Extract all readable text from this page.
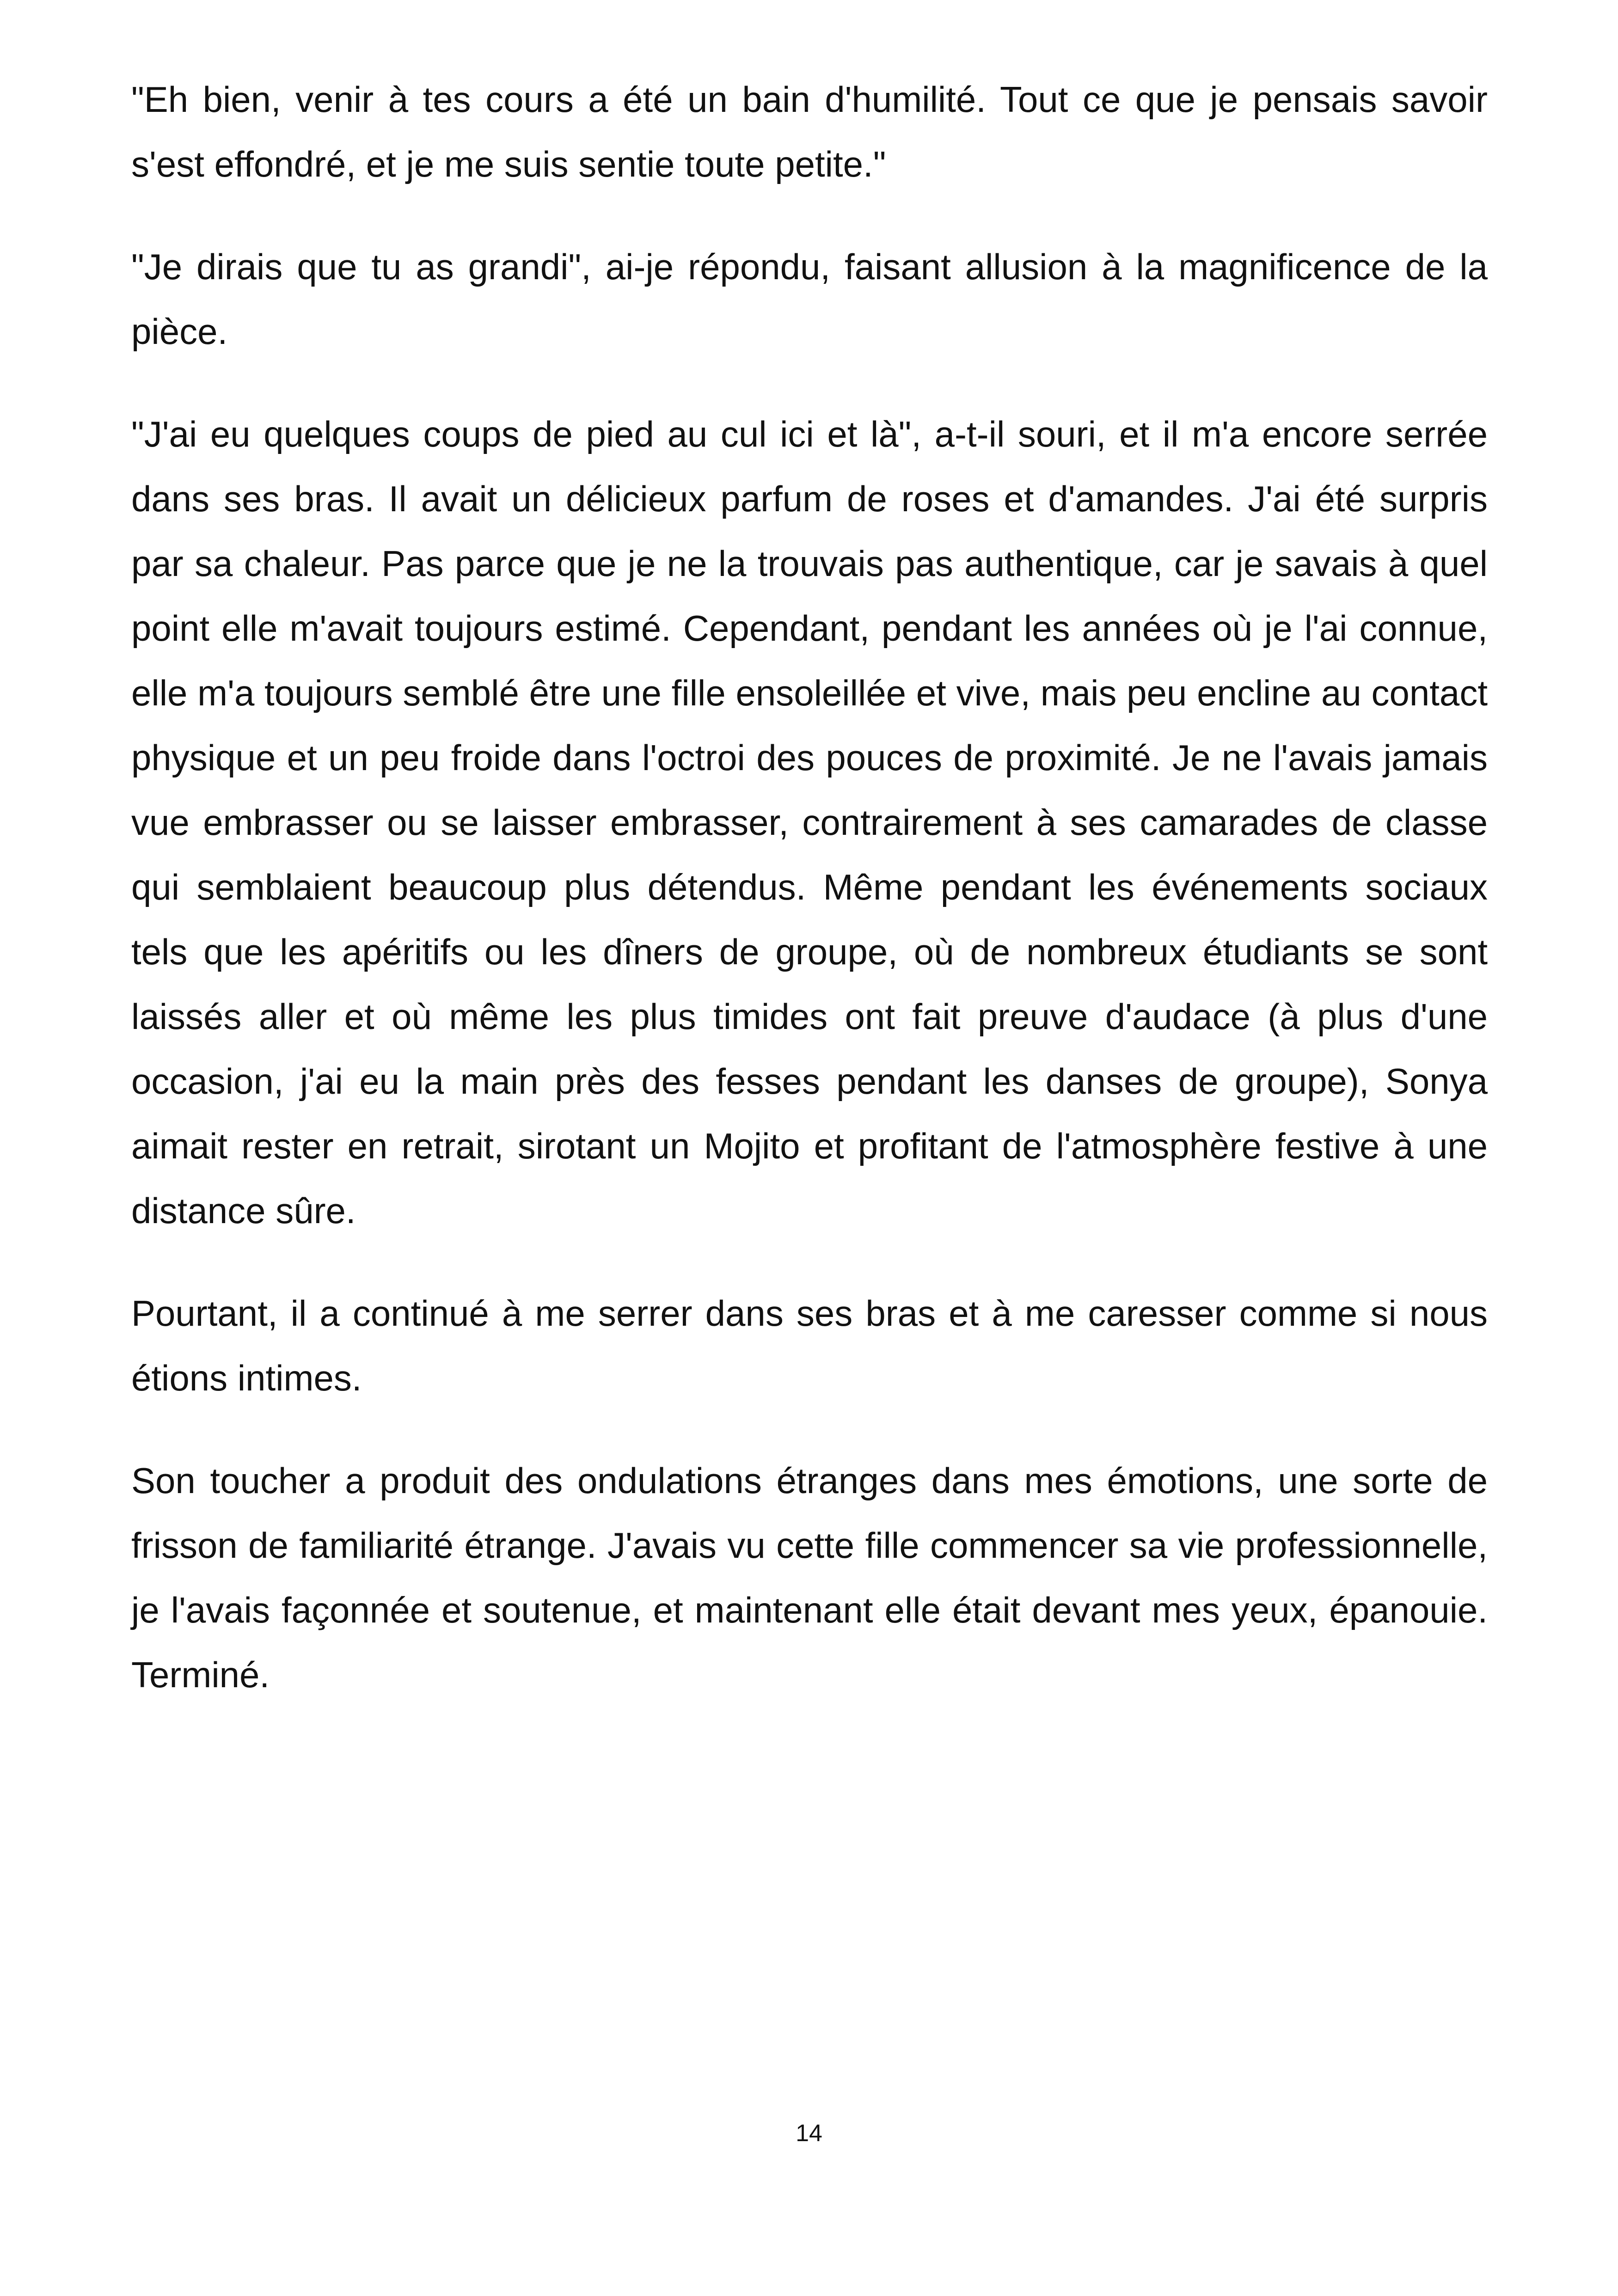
"Eh bien, venir à tes cours a été un bain d'humilité. Tout ce que je pensais savoir s'est effondré, et je me suis sentie toute petite."

"Je dirais que tu as grandi", ai-je répondu, faisant allusion à la magnificence de la pièce.

"J'ai eu quelques coups de pied au cul ici et là", a-t-il souri, et il m'a encore serrée dans ses bras. Il avait un délicieux parfum de roses et d'amandes. J'ai été surpris par sa chaleur. Pas parce que je ne la trouvais pas authentique, car je savais à quel point elle m'avait toujours estimé. Cependant, pendant les années où je l'ai connue, elle m'a toujours semblé être une fille ensoleillée et vive, mais peu encline au contact physique et un peu froide dans l'octroi des pouces de proximité. Je ne l'avais jamais vue embrasser ou se laisser embrasser, contrairement à ses camarades de classe qui semblaient beaucoup plus détendus. Même pendant les événements sociaux tels que les apéritifs ou les dîners de groupe, où de nombreux étudiants se sont laissés aller et où même les plus timides ont fait preuve d'audace (à plus d'une occasion, j'ai eu la main près des fesses pendant les danses de groupe), Sonya aimait rester en retrait, sirotant un Mojito et profitant de l'atmosphère festive à une distance sûre.

Pourtant, il a continué à me serrer dans ses bras et à me caresser comme si nous étions intimes.

Son toucher a produit des ondulations étranges dans mes émotions, une sorte de frisson de familiarité étrange. J'avais vu cette fille commencer sa vie professionnelle, je l'avais façonnée et soutenue, et maintenant elle était devant mes yeux, épanouie. Terminé.

14
